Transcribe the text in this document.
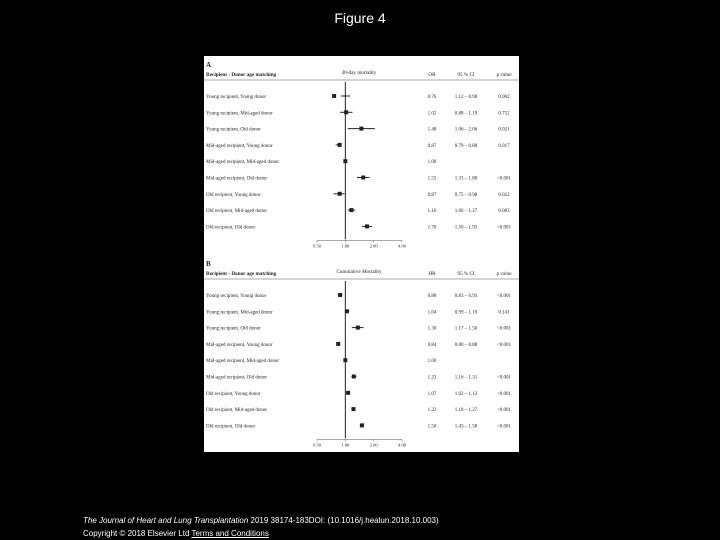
Figure 4
A
Recipient - Donor age matching	30-day mortality	OR	95 % CI	p value
Young recipient, Young donor	0.76	1.12 – 0.90	0.002
Young recipient, Mid-aged donor	1.02	0.88 – 1.19	0.752
Young recipient, Old donor	1.48	1.06 – 2.06	0.021
Mid-aged recipient, Young donor	0.87	0.79 – 0.88	0.017
Mid-aged recipient, Mid-aged donor	1.00
Mid-aged recipient, Old donor	1.55	1.33 – 1.80	<0.001
Old recipient, Young donor	0.87	0.75 – 0.98	0.022
Old recipient, Mid-aged donor	1.16	1.06 – 1.27	0.003
Old recipient, Old donor	1.70	1.50 – 1.93	<0.001
0.50	1.00	2.00	4.00
B
Recipient - Donor age matching	Cumulative Mortality	HR	95 % CI	p value
Young recipient, Young donor	0.88	0.83 – 0.93	<0.001
Young recipient, Mid-aged donor	1.04	0.99 – 1.10	0.141
Young recipient, Old donor	1.36	1.17 – 1.56	<0.001
Mid-aged recipient, Young donor	0.84	0.80 – 0.88	<0.001
Mid-aged recipient, Mid-aged donor	1.00
Mid-aged recipient, Old donor	1.23	1.16 – 1.31	<0.001
Old recipient, Young donor	1.07	1.02 – 1.12	<0.001
Old recipient, Mid-aged donor	1.22	1.18 – 1.27	<0.001
Old recipient, Old donor	1.50	1.43 – 1.58	<0.001
0.50	1.00	2.00	4.00
The Journal of Heart and Lung Transplantation 2019 38174-183DOI: (10.1016/j.healun.2018.10.003)
Copyright © 2018 Elsevier Ltd Terms and Conditions
